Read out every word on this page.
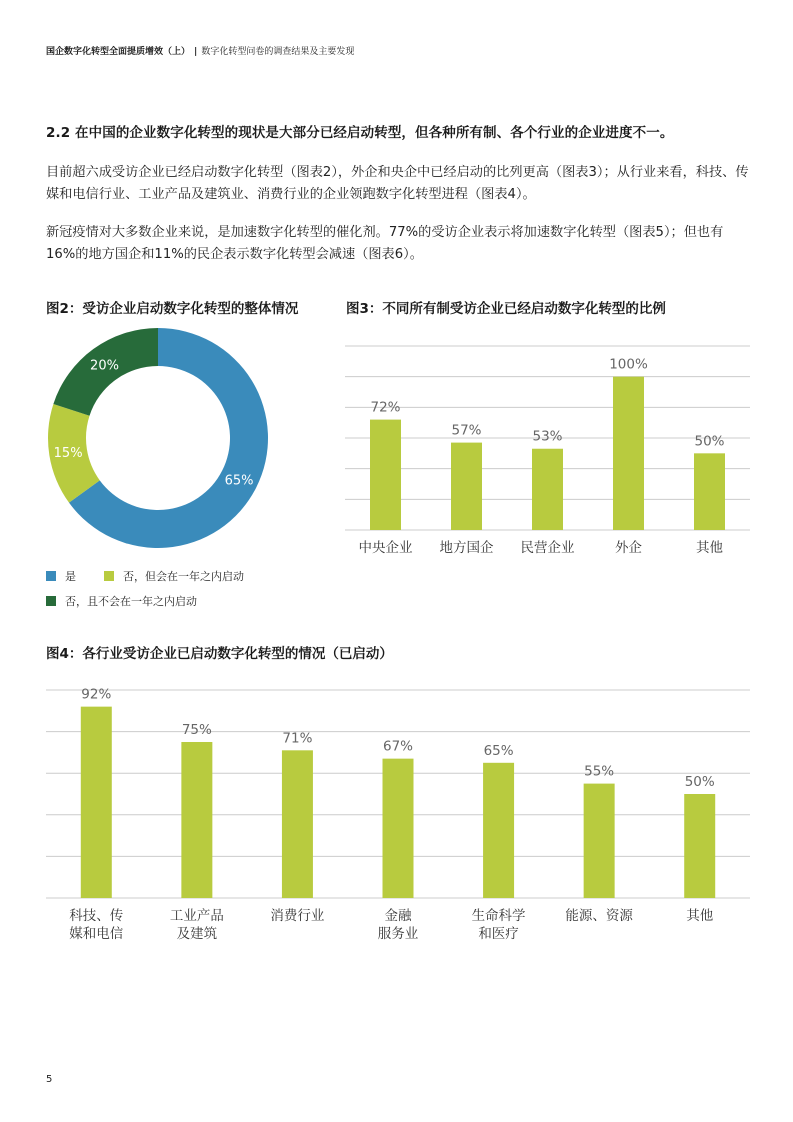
国企数字化转型全面提质增效（上） | 数字化转型问卷的调查结果及主要发现
2.2 在中国的企业数字化转型的现状是大部分已经启动转型，但各种所有制、各个行业的企业进度不一。
目前超六成受访企业已经启动数字化转型（图表2），外企和央企中已经启动的比列更高（图表3）；从行业来看，科技、传媒和电信行业、工业产品及建筑业、消费行业的企业领跑数字化转型进程（图表4）。
新冠疫情对大多数企业来说，是加速数字化转型的催化剂。77%的受访企业表示将加速数字化转型（图表5）；但也有16%的地方国企和11%的民企表示数字化转型会减速（图表6）。
图2：受访企业启动数字化转型的整体情况	图3：不同所有制受访企业已经启动数字化转型的比例
65%
15%
20%
72%
中央企业
57%
地方国企
53%
民营企业
100%
外企
50%
其他
是	否，但会在一年之内启动
否，且不会在一年之内启动
图4：各行业受访企业已启动数字化转型的情况（已启动）
92%
科技、传
媒和电信
75%
工业产品
及建筑
71%
消费行业
67%
金融
服务业
65%
生命科学
和医疗
55%
能源、资源
50%
其他
5
